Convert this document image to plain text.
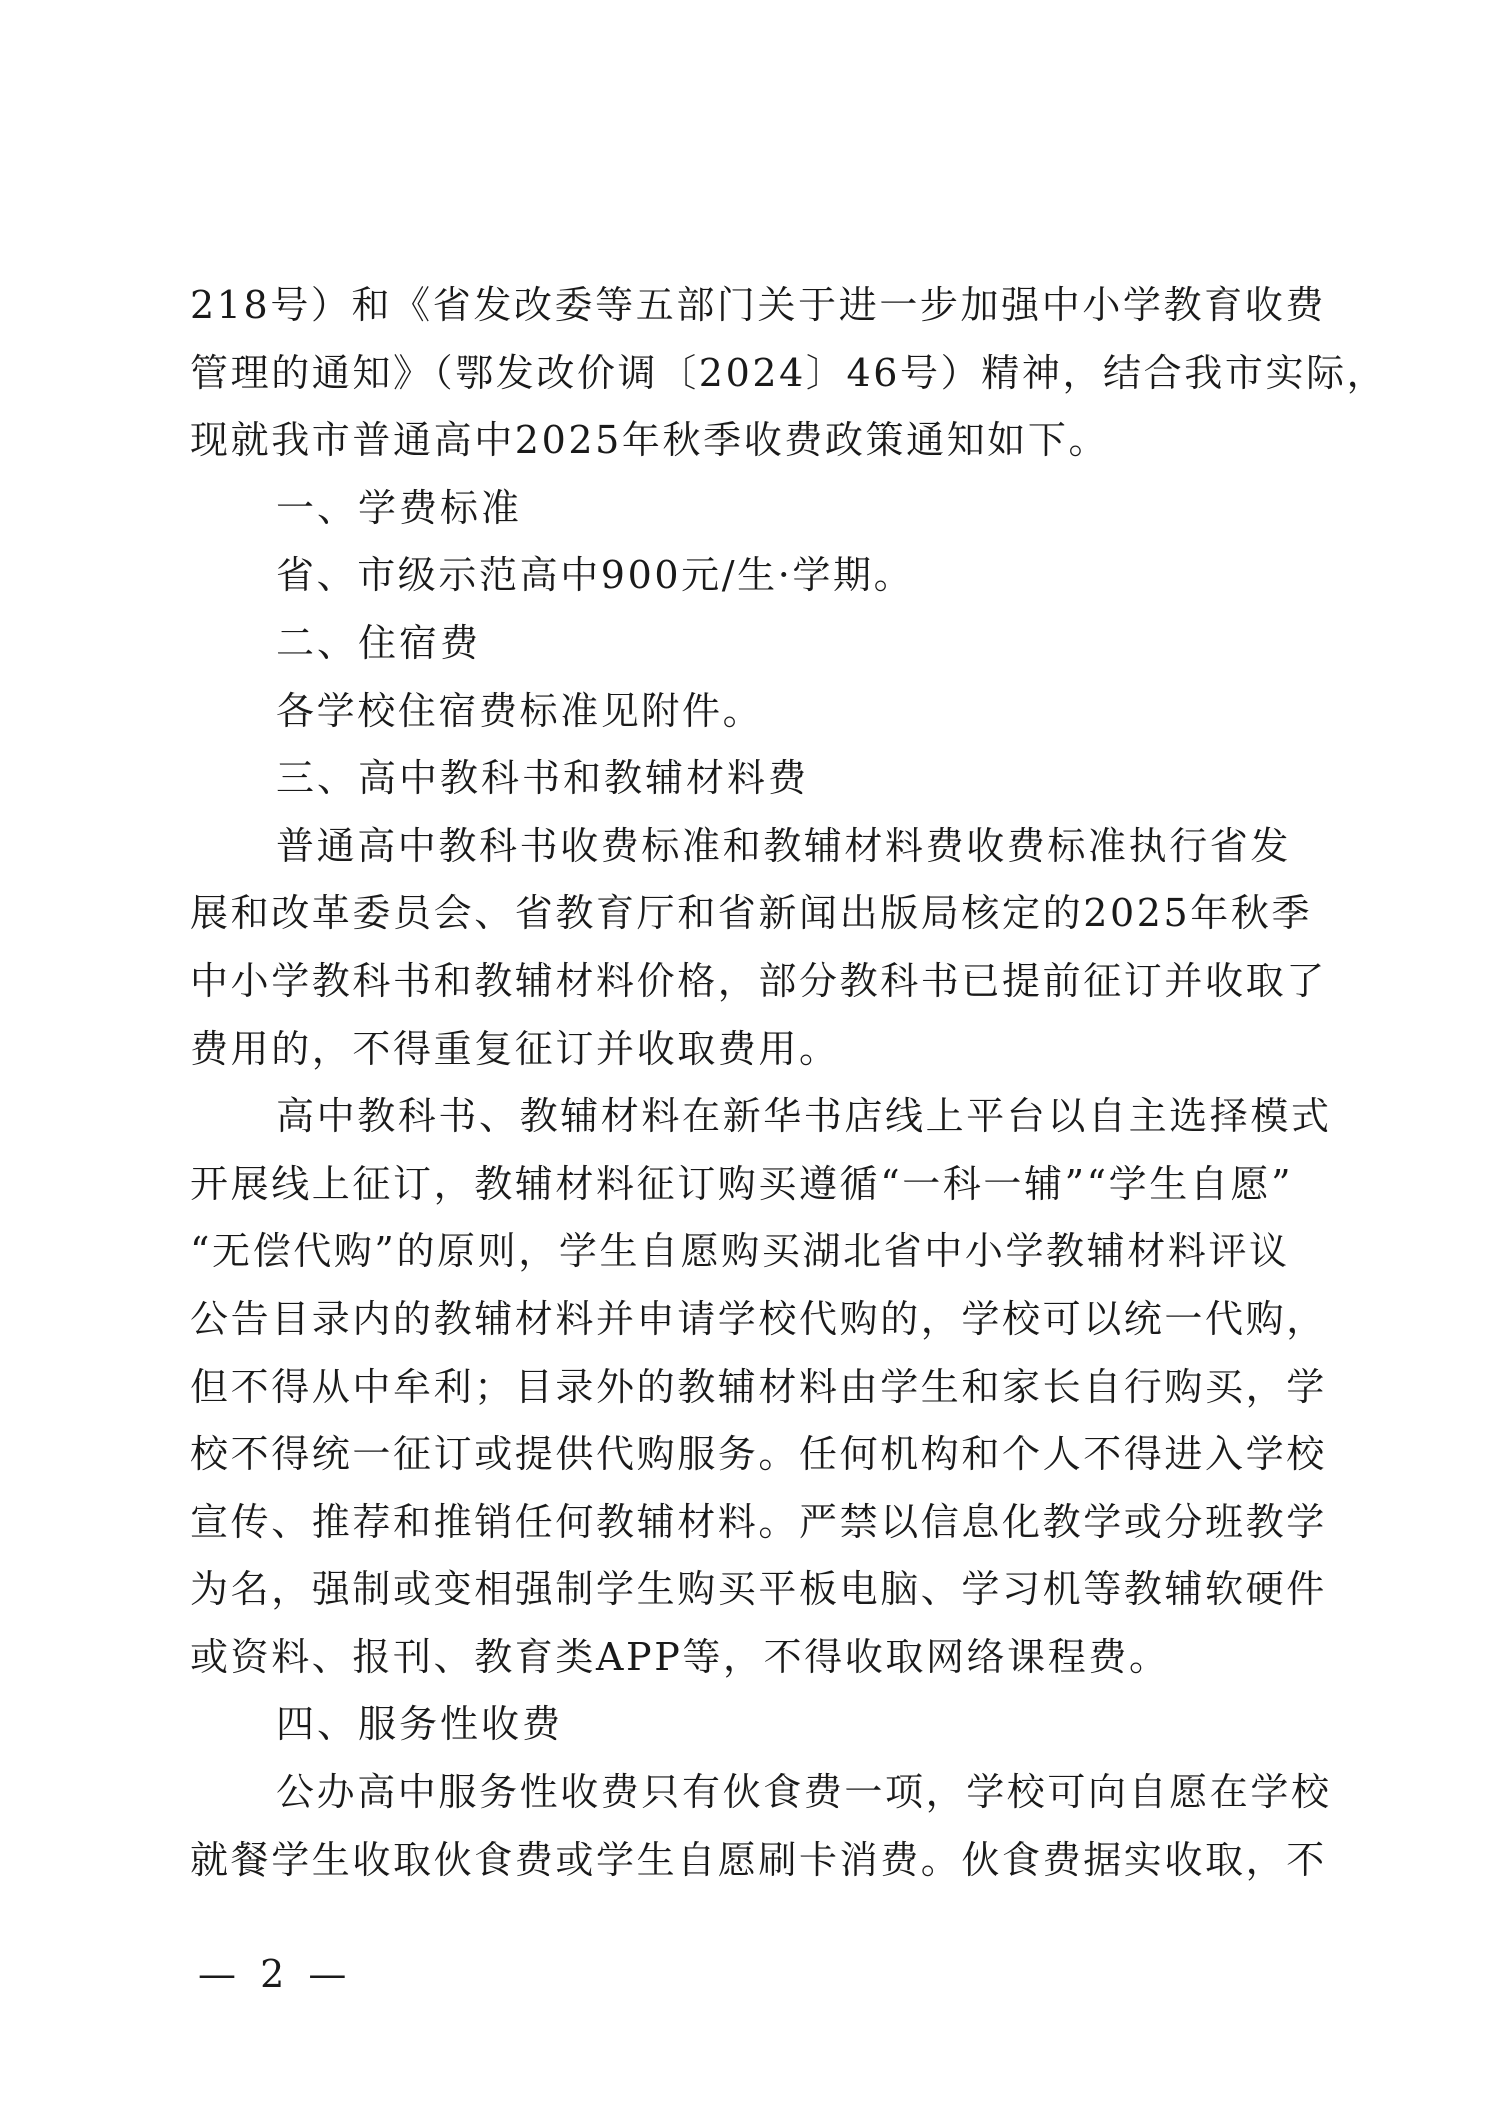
218号）和《省发改委等五部门关于进一步加强中小学教育收费
管理的通知》（鄂发改价调〔2024〕46号）精神，结合我市实际，
现就我市普通高中2025年秋季收费政策通知如下。
一、学费标准
省、市级示范高中900元/生·学期。
二、住宿费
各学校住宿费标准见附件。
三、高中教科书和教辅材料费
普通高中教科书收费标准和教辅材料费收费标准执行省发
展和改革委员会、省教育厅和省新闻出版局核定的2025年秋季
中小学教科书和教辅材料价格，部分教科书已提前征订并收取了
费用的，不得重复征订并收取费用。
高中教科书、教辅材料在新华书店线上平台以自主选择模式
开展线上征订，教辅材料征订购买遵循“一科一辅”“学生自愿”
“无偿代购”的原则，学生自愿购买湖北省中小学教辅材料评议
公告目录内的教辅材料并申请学校代购的，学校可以统一代购，
但不得从中牟利；目录外的教辅材料由学生和家长自行购买，学
校不得统一征订或提供代购服务。任何机构和个人不得进入学校
宣传、推荐和推销任何教辅材料。严禁以信息化教学或分班教学
为名，强制或变相强制学生购买平板电脑、学习机等教辅软硬件
或资料、报刊、教育类APP等，不得收取网络课程费。
四、服务性收费
公办高中服务性收费只有伙食费一项，学校可向自愿在学校
就餐学生收取伙食费或学生自愿刷卡消费。伙食费据实收取，不
— 2 —
